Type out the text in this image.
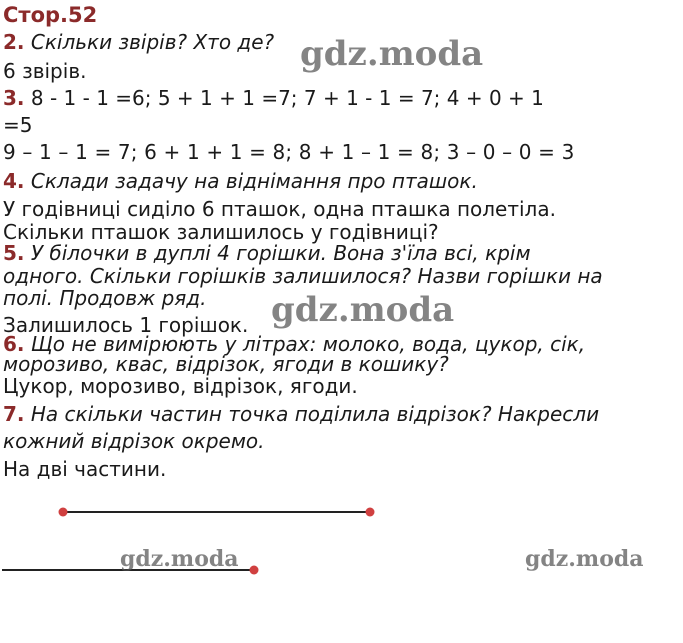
Стор.52
2. Скільки звірів? Хто де?
6 звірів.
3. 8 - 1 - 1 =6; 5 + 1 + 1 =7; 7 + 1 - 1 = 7; 4 + 0 + 1
=5
9 – 1 – 1 = 7; 6 + 1 + 1 = 8; 8 + 1 – 1 = 8; 3 – 0 – 0 = 3
4. Склади задачу на віднімання про пташок.
У годівниці сиділо 6 пташок, одна пташка полетіла.
Скільки пташок залишилось у годівниці?
5. У білочки в дуплі 4 горішки. Вона з'їла всі, крім
одного. Скільки горішків залишилося? Назви горішки на
полі. Продовж ряд.
Залишилось 1 горішок.
6. Що не вимірюють у літрах: молоко, вода, цукор, сік,
морозиво, квас, відрізок, ягоди в кошику?
Цукор, морозиво, відрізок, ягоди.
7. На скільки частин точка поділила відрізок? Накресли
кожний відрізок окремо.
На дві частини.
gdz.moda
gdz.moda
gdz.moda	gdz.moda
